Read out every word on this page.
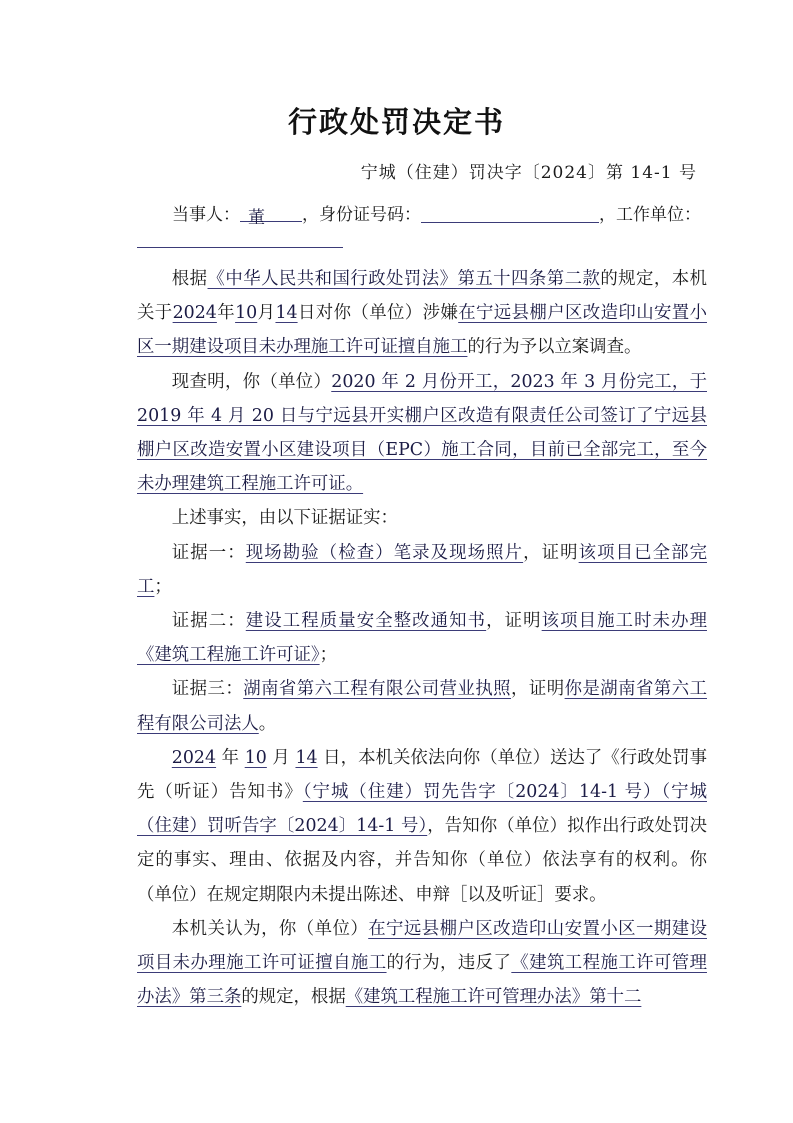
行政处罚决定书
宁城（住建）罚决字〔2024〕第 14-1 号
当事人： 董 ，身份证号码：	，工作单位：

根据《中华人民共和国行政处罚法》第五十四条第二款的规定，本机关于2024年10月14日对你（单位）涉嫌在宁远县棚户区改造印山安置小区一期建设项目未办理施工许可证擅自施工的行为予以立案调查。

现查明，你（单位）2020 年 2 月份开工，2023 年 3 月份完工，于 2019 年 4 月 20 日与宁远县开实棚户区改造有限责任公司签订了宁远县棚户区改造安置小区建设项目（EPC）施工合同，目前已全部完工，至今未办理建筑工程施工许可证。

上述事实，由以下证据证实：

证据一：现场勘验（检查）笔录及现场照片，证明该项目已全部完工；

证据二：建设工程质量安全整改通知书，证明该项目施工时未办理《建筑工程施工许可证》；

证据三：湖南省第六工程有限公司营业执照，证明你是湖南省第六工程有限公司法人。

2024 年 10 月 14 日，本机关依法向你（单位）送达了《行政处罚事先（听证）告知书》（宁城（住建）罚先告字〔2024〕14-1 号）（宁城（住建）罚听告字〔2024〕14-1 号），告知你（单位）拟作出行政处罚决定的事实、理由、依据及内容，并告知你（单位）依法享有的权利。你（单位）在规定期限内未提出陈述、申辩［以及听证］要求。

本机关认为，你（单位）在宁远县棚户区改造印山安置小区一期建设项目未办理施工许可证擅自施工的行为，违反了《建筑工程施工许可管理办法》第三条的规定，根据《建筑工程施工许可管理办法》第十二
